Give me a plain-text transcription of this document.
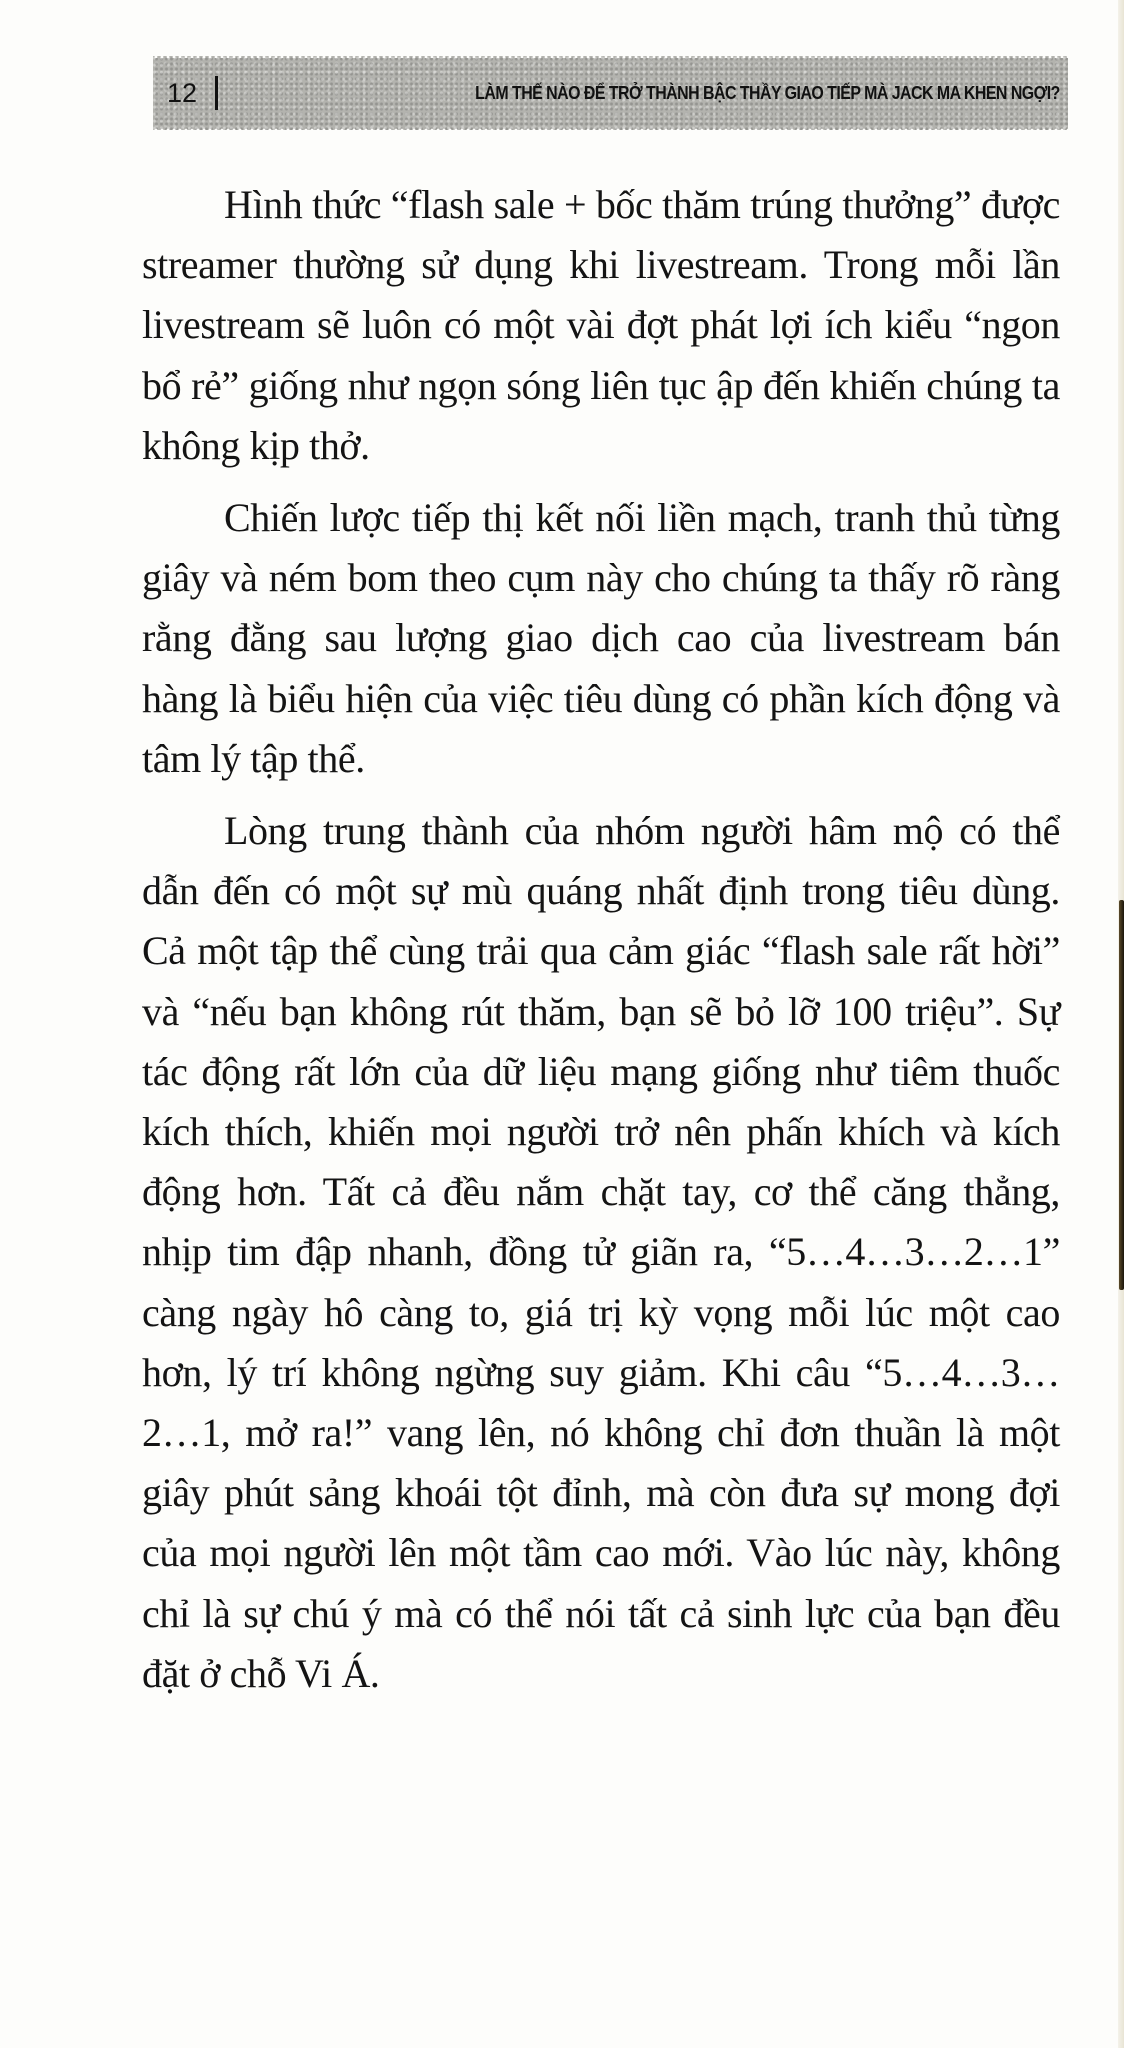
12	LÀM THẾ NÀO ĐỂ TRỞ THÀNH BẬC THẦY GIAO TIẾP MÀ JACK MA KHEN NGỢI?

Hình thức “flash sale + bốc thăm trúng thưởng” được streamer thường sử dụng khi livestream. Trong mỗi lần livestream sẽ luôn có một vài đợt phát lợi ích kiểu “ngon bổ rẻ” giống như ngọn sóng liên tục ập đến khiến chúng ta không kịp thở.

Chiến lược tiếp thị kết nối liền mạch, tranh thủ từng giây và ném bom theo cụm này cho chúng ta thấy rõ ràng rằng đằng sau lượng giao dịch cao của livestream bán hàng là biểu hiện của việc tiêu dùng có phần kích động và tâm lý tập thể.

Lòng trung thành của nhóm người hâm mộ có thể dẫn đến có một sự mù quáng nhất định trong tiêu dùng. Cả một tập thể cùng trải qua cảm giác “flash sale rất hời” và “nếu bạn không rút thăm, bạn sẽ bỏ lỡ 100 triệu”. Sự tác động rất lớn của dữ liệu mạng giống như tiêm thuốc kích thích, khiến mọi người trở nên phấn khích và kích động hơn. Tất cả đều nắm chặt tay, cơ thể căng thẳng, nhịp tim đập nhanh, đồng tử giãn ra, “5…4…3…2…1” càng ngày hô càng to, giá trị kỳ vọng mỗi lúc một cao hơn, lý trí không ngừng suy giảm. Khi câu “5…4…3…2…1, mở ra!” vang lên, nó không chỉ đơn thuần là một giây phút sảng khoái tột đỉnh, mà còn đưa sự mong đợi của mọi người lên một tầm cao mới. Vào lúc này, không chỉ là sự chú ý mà có thể nói tất cả sinh lực của bạn đều đặt ở chỗ Vi Á.
